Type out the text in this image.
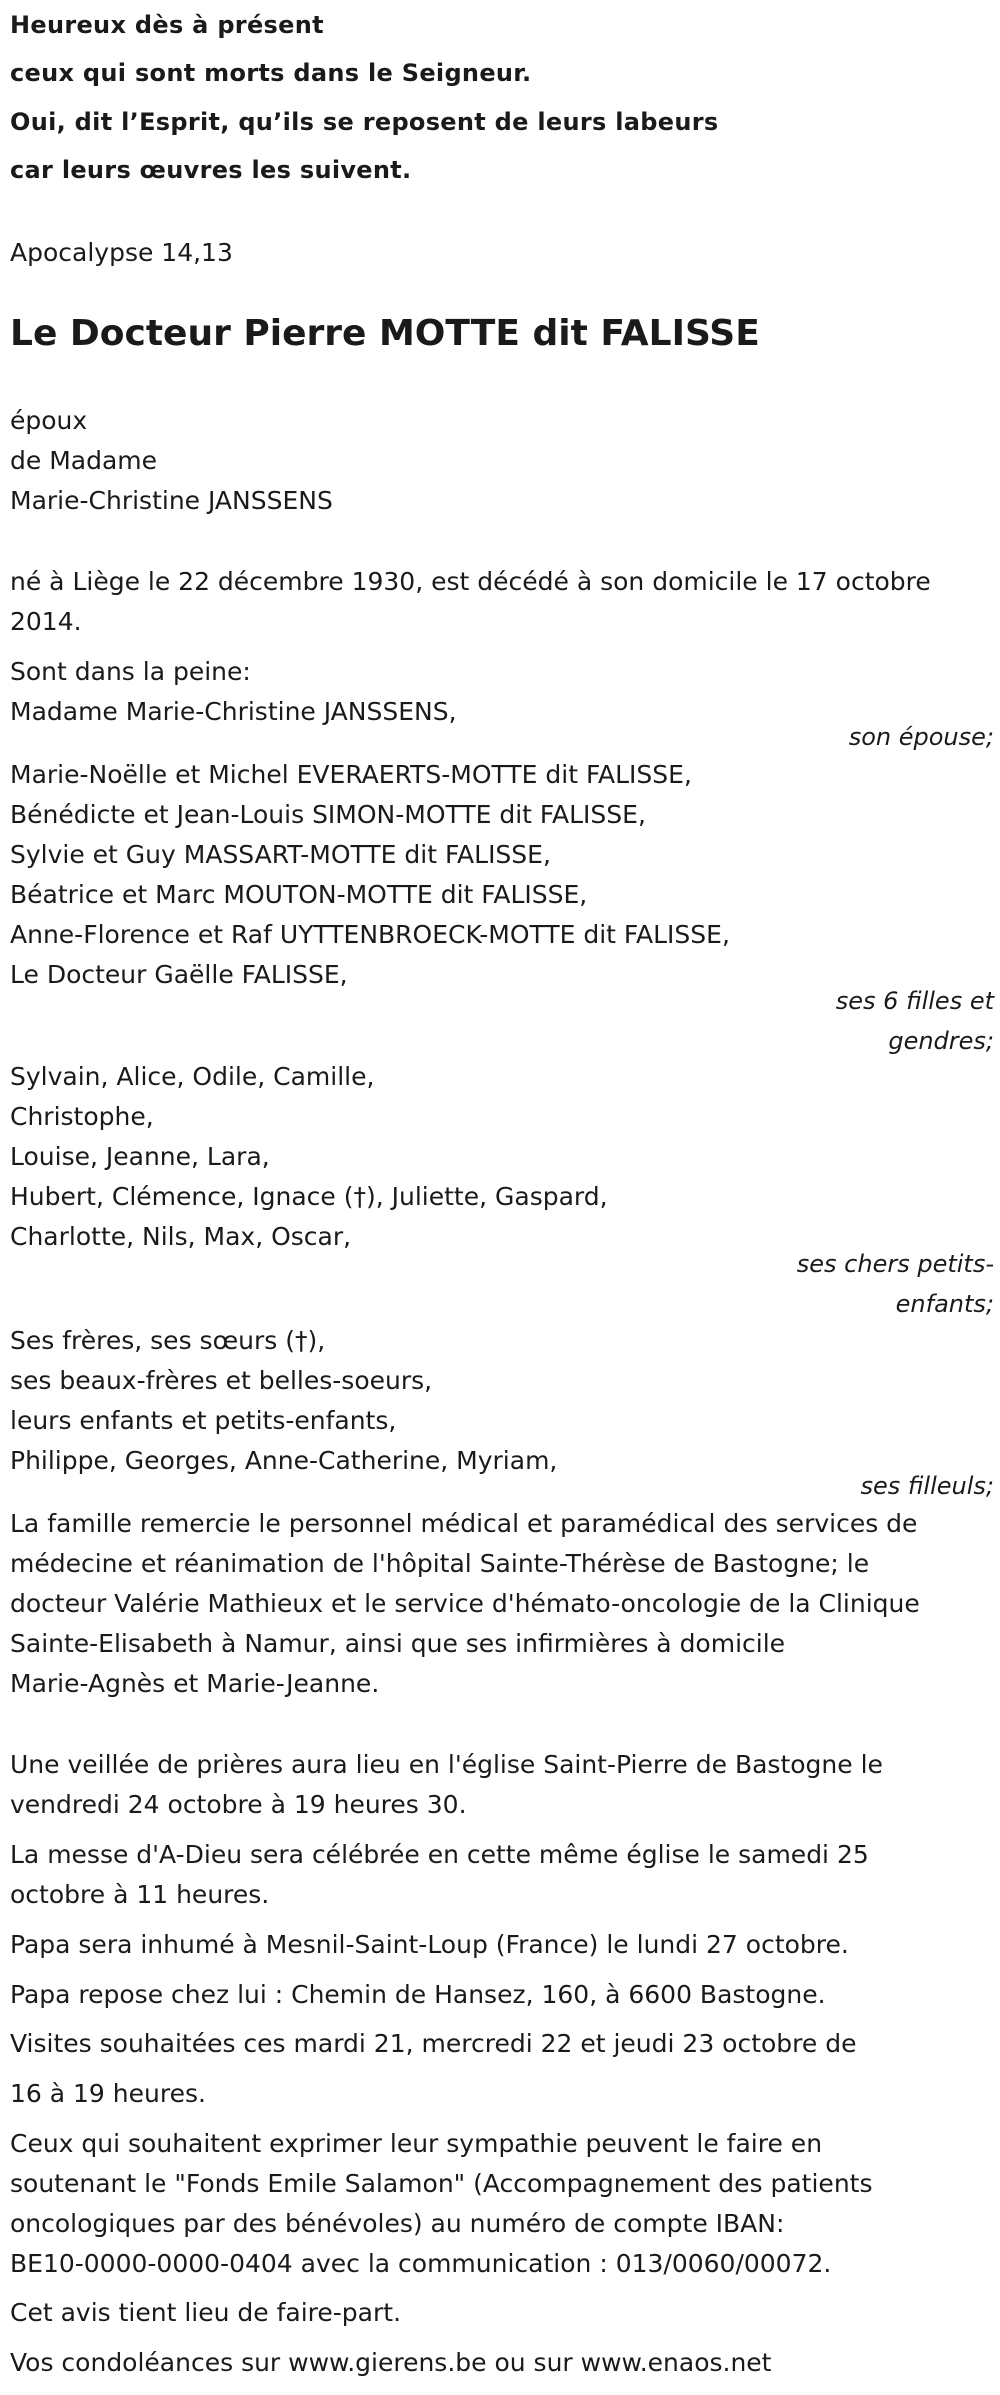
Heureux dès à présent
ceux qui sont morts dans le Seigneur.
Oui, dit l’Esprit, qu’ils se reposent de leurs labeurs
car leurs œuvres les suivent.
Apocalypse 14,13
Le Docteur Pierre MOTTE dit FALISSE
époux
de Madame
Marie-Christine JANSSENS
né à Liège le 22 décembre 1930, est décédé à son domicile le 17 octobre
2014.
Sont dans la peine:
Madame Marie-Christine JANSSENS,
son épouse;
Marie-Noëlle et Michel EVERAERTS-MOTTE dit FALISSE,
Bénédicte et Jean-Louis SIMON-MOTTE dit FALISSE,
Sylvie et Guy MASSART-MOTTE dit FALISSE,
Béatrice et Marc MOUTON-MOTTE dit FALISSE,
Anne-Florence et Raf UYTTENBROECK-MOTTE dit FALISSE,
Le Docteur Gaëlle FALISSE,
ses 6 filles et
gendres;
Sylvain, Alice, Odile, Camille,
Christophe,
Louise, Jeanne, Lara,
Hubert, Clémence, Ignace (†), Juliette, Gaspard,
Charlotte, Nils, Max, Oscar,
ses chers petits-
enfants;
Ses frères, ses sœurs (†),
ses beaux-frères et belles-soeurs,
leurs enfants et petits-enfants,
Philippe, Georges, Anne-Catherine, Myriam,
ses filleuls;
La famille remercie le personnel médical et paramédical des services de
médecine et réanimation de l'hôpital Sainte-Thérèse de Bastogne; le
docteur Valérie Mathieux et le service d'hémato-oncologie de la Clinique
Sainte-Elisabeth à Namur, ainsi que ses infirmières à domicile
Marie-Agnès et Marie-Jeanne.
Une veillée de prières aura lieu en l'église Saint-Pierre de Bastogne le
vendredi 24 octobre à 19 heures 30.
La messe d'A-Dieu sera célébrée en cette même église le samedi 25
octobre à 11 heures.
Papa sera inhumé à Mesnil-Saint-Loup (France) le lundi 27 octobre.
Papa repose chez lui : Chemin de Hansez, 160, à 6600 Bastogne.
Visites souhaitées ces mardi 21, mercredi 22 et jeudi 23 octobre de
16 à 19 heures.
Ceux qui souhaitent exprimer leur sympathie peuvent le faire en
soutenant le "Fonds Emile Salamon" (Accompagnement des patients
oncologiques par des bénévoles) au numéro de compte IBAN:
BE10-0000-0000-0404 avec la communication : 013/0060/00072.
Cet avis tient lieu de faire-part.
Vos condoléances sur www.gierens.be ou sur www.enaos.net
